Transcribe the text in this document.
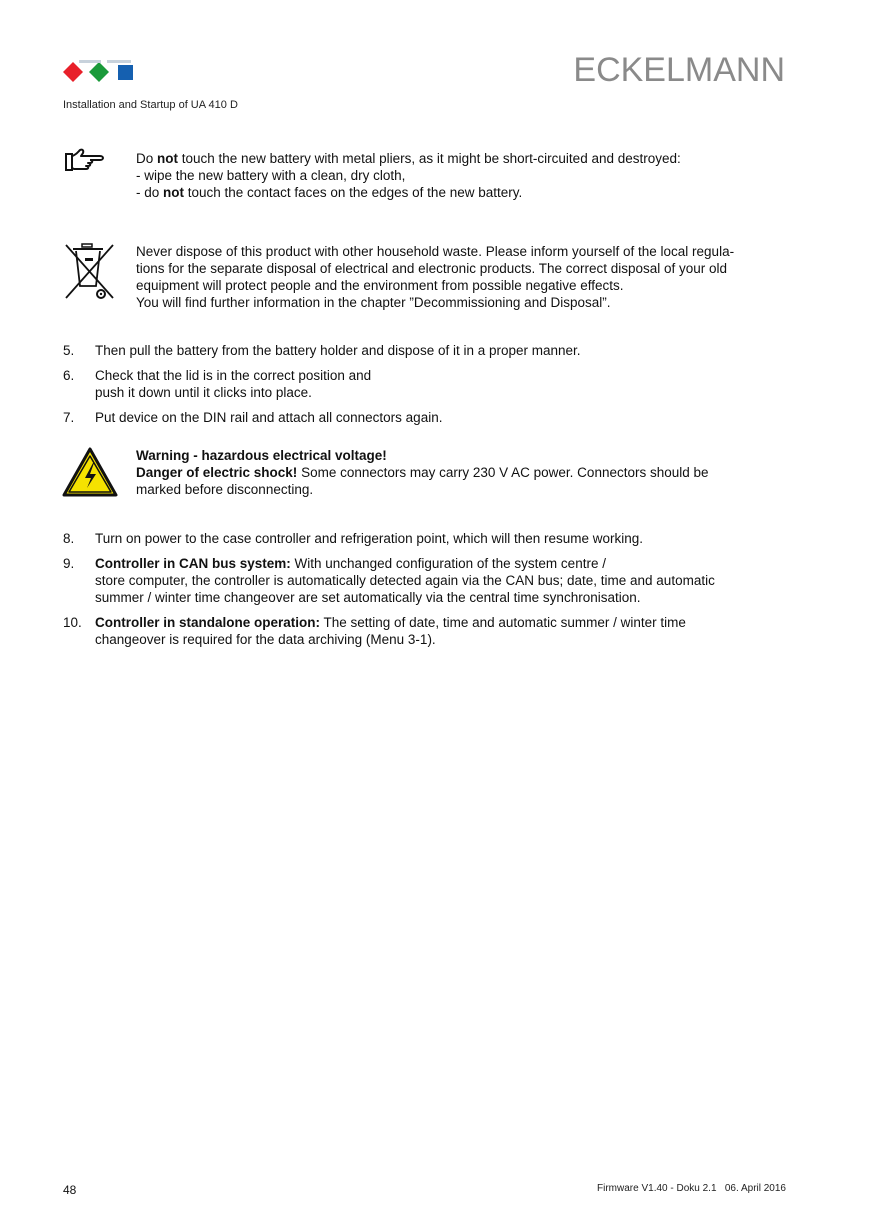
ECKELMANN
Installation and Startup of UA 410 D

Do not touch the new battery with metal pliers, as it might be short-circuited and destroyed:

- wipe the new battery with a clean, dry cloth,

- do not touch the contact faces on the edges of the new battery.

Never dispose of this product with other household waste. Please inform yourself of the local regula-

tions for the separate disposal of electrical and electronic products. The correct disposal of your old

equipment will protect people and the environment from possible negative effects.

You will find further information in the chapter ”Decommissioning and Disposal”.

5. Then pull the battery from the battery holder and dispose of it in a proper manner.

6. Check that the lid is in the correct position and

push it down until it clicks into place.

7. Put device on the DIN rail and attach all connectors again.

Warning - hazardous electrical voltage!

Danger of electric shock! Some connectors may carry 230 V AC power. Connectors should be

marked before disconnecting.

8. Turn on power to the case controller and refrigeration point, which will then resume working.

9. Controller in CAN bus system: With unchanged configuration of the system centre /

store computer, the controller is automatically detected again via the CAN bus; date, time and automatic

summer / winter time changeover are set automatically via the central time synchronisation.

10. Controller in standalone operation: The setting of date, time and automatic summer / winter time

changeover is required for the data archiving (Menu 3-1).

48	Firmware V1.40 - Doku 2.1   06. April 2016
